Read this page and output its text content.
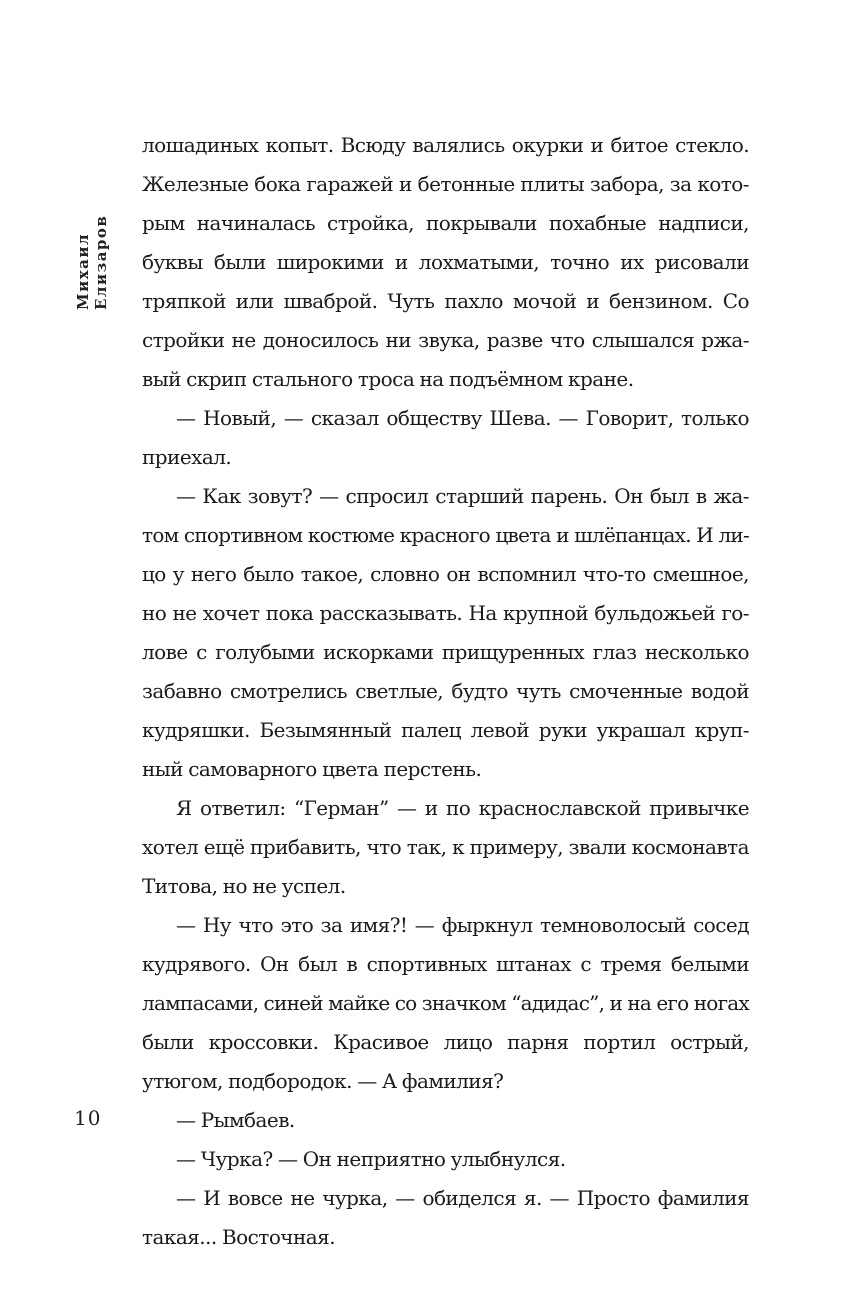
Михаил Елизаров
лошадиных копыт. Всюду валялись окурки и битое стекло.
Железные бока гаражей и бетонные плиты забора, за кото-
рым начиналась стройка, покрывали похабные надписи,
буквы были широкими и лохматыми, точно их рисовали
тряпкой или шваброй. Чуть пахло мочой и бензином. Со
стройки не доносилось ни звука, разве что слышался ржа-
вый скрип стального троса на подъёмном кране.
— Новый, — сказал обществу Шева. — Говорит, только
приехал.
— Как зовут? — спросил старший парень. Он был в жа-
том спортивном костюме красного цвета и шлёпанцах. И ли-
цо у него было такое, словно он вспомнил что-то смешное,
но не хочет пока рассказывать. На крупной бульдожьей го-
лове с голубыми искорками прищуренных глаз несколько
забавно смотрелись светлые, будто чуть смоченные водой
кудряшки. Безымянный палец левой руки украшал круп-
ный самоварного цвета перстень.
Я ответил: “Герман” — и по краснославской привычке
хотел ещё прибавить, что так, к примеру, звали космонавта
Титова, но не успел.
— Ну что это за имя?! — фыркнул темноволосый сосед
кудрявого. Он был в спортивных штанах с тремя белыми
лампасами, синей майке со значком “адидас”, и на его ногах
были кроссовки. Красивое лицо парня портил острый,
утюгом, подбородок. — А фамилия?
— Рымбаев.
— Чурка? — Он неприятно улыбнулся.
— И вовсе не чурка, — обиделся я. — Просто фамилия
такая... Восточная.
10
